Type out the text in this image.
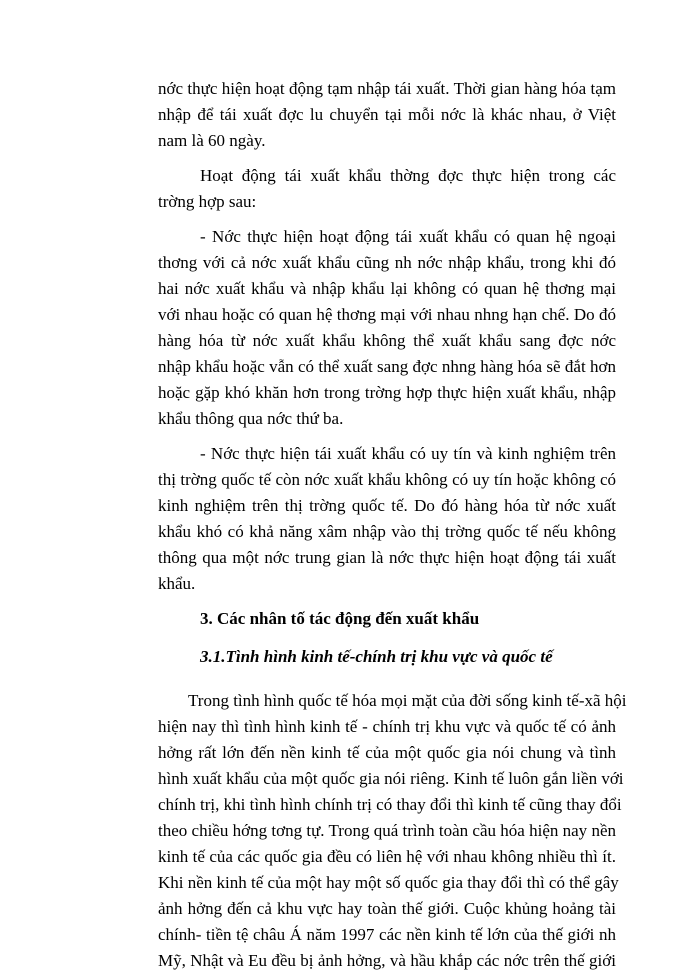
nớc thực hiện hoạt động tạm nhập tái xuất. Thời gian hàng hóa tạm
nhập để tái xuất đợc lu chuyển tại mỗi nớc là khác nhau, ở Việt
nam là 60 ngày.
Hoạt động tái xuất khẩu thờng đợc thực hiện trong các
trờng hợp sau:
- Nớc thực hiện hoạt động tái xuất khẩu có quan hệ ngoại
thơng với cả nớc xuất khẩu cũng nh nớc nhập khẩu, trong khi đó
hai nớc xuất khẩu và nhập khẩu lại không có quan hệ thơng mại
với nhau hoặc có quan hệ thơng mại với nhau nhng hạn chế. Do đó
hàng hóa từ nớc xuất khẩu không thể xuất khẩu sang đợc nớc
nhập khẩu hoặc vẫn có thể xuất sang đợc nhng hàng hóa sẽ đắt hơn
hoặc gặp khó khăn hơn trong trờng hợp thực hiện xuất khẩu, nhập
khẩu thông qua nớc thứ ba.
- Nớc thực hiện tái xuất khẩu có uy tín và kinh nghiệm trên
thị trờng quốc tế còn nớc xuất khẩu không có uy tín hoặc không có
kinh nghiệm trên thị trờng quốc tế. Do đó hàng hóa từ nớc xuất
khẩu khó có khả năng xâm nhập vào thị trờng quốc tế nếu không
thông qua một nớc trung gian là nớc thực hiện hoạt động tái xuất
khẩu.
3. Các nhân tố tác động đến xuất khẩu
3.1.Tình hình kinh tế-chính trị khu vực và quốc tế
Trong tình hình quốc tế hóa mọi mặt của đời sống kinh tế-xã hội
hiện nay thì tình hình kinh tế - chính trị khu vực và quốc tế có ảnh
hởng rất lớn đến nền kinh tế của một quốc gia nói chung và tình
hình xuất khẩu của một quốc gia nói riêng. Kinh tế luôn gắn liền với
chính trị, khi tình hình chính trị có thay đổi thì kinh tế cũng thay đổi
theo chiều hớng tơng tự. Trong quá trình toàn cầu hóa hiện nay nền
kinh tế của các quốc gia đều có liên hệ với nhau không nhiều thì ít.
Khi nền kinh tế của một hay một số quốc gia thay đổi thì có thể gây
ảnh hởng đến cả khu vực hay toàn thế giới. Cuộc khủng hoảng tài
chính- tiền tệ châu Á năm 1997 các nền kinh tế lớn của thế giới nh
Mỹ, Nhật và Eu đều bị ảnh hởng, và hầu khắp các nớc trên thế giới
